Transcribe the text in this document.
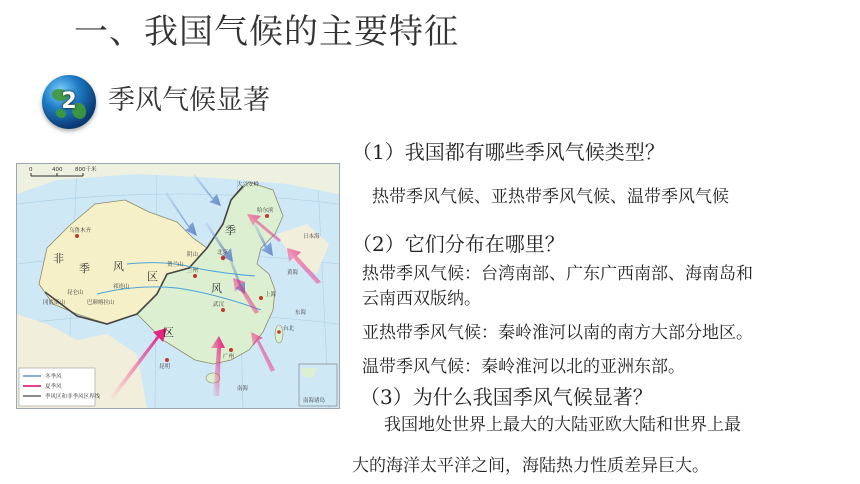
一、我国气候的主要特征
2	季风气候显著
0	400 800千米
非
季 风
区
季
风
区
乌鲁木齐
昆仑山
大兴安岭
哈尔滨
北京
兰州
上海
武汉
昆明
台北
广州
阴山
贺兰山
祁连山
巴颜喀拉山
冈底斯山
黄海
东海
日本海
南海
冬季风
夏季风
季风区和非季风区界线
南海诸岛
（1）我国都有哪些季风气候类型？
热带季风气候、亚热带季风气候、温带季风气候
（2）它们分布在哪里？
热带季风气候：台湾南部、广东广西南部、海南岛和
云南西双版纳。
亚热带季风气候：秦岭淮河以南的南方大部分地区。
温带季风气候：秦岭淮河以北的亚洲东部。
（3）为什么我国季风气候显著？
我国地处世界上最大的大陆亚欧大陆和世界上最
大的海洋太平洋之间，海陆热力性质差异巨大。
